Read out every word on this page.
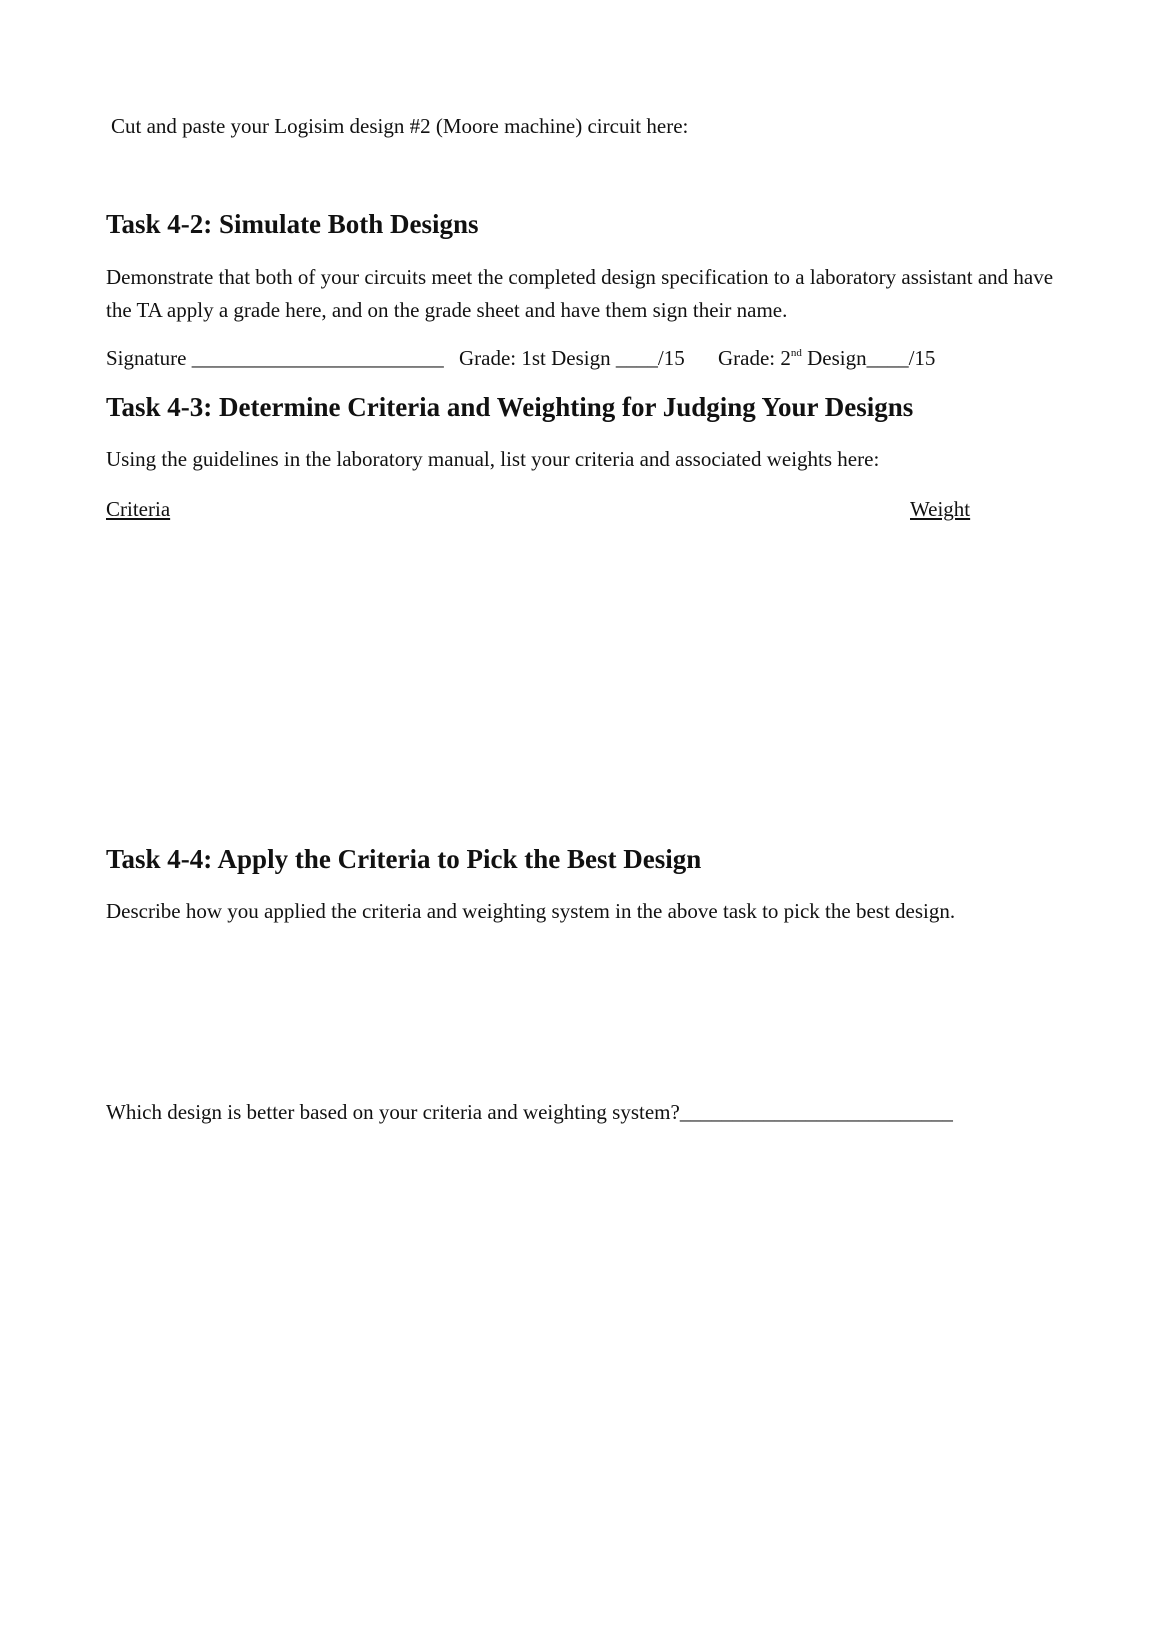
Cut and paste your Logisim design #2 (Moore machine) circuit here:
Task 4-2: Simulate Both Designs
Demonstrate that both of your circuits meet the completed design specification to a laboratory assistant and have the TA apply a grade here, and on the grade sheet and have them sign their name.
Signature ________________________ Grade: 1st Design ____/15 Grade: 2nd Design____/15
Task 4-3: Determine Criteria and Weighting for Judging Your Designs
Using the guidelines in the laboratory manual, list your criteria and associated weights here:
Criteria	Weight
Task 4-4: Apply the Criteria to Pick the Best Design
Describe how you applied the criteria and weighting system in the above task to pick the best design.
Which design is better based on your criteria and weighting system?__________________________
